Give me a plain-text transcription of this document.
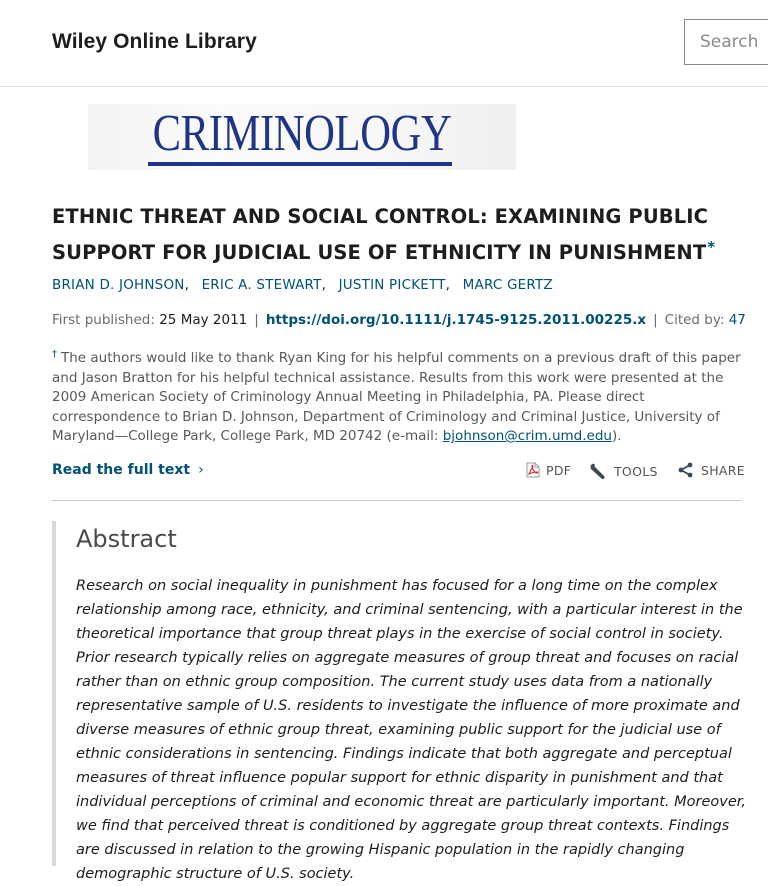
Wiley Online Library
Search
CRIMINOLOGY
ETHNIC THREAT AND SOCIAL CONTROL: EXAMINING PUBLIC SUPPORT FOR JUDICIAL USE OF ETHNICITY IN PUNISHMENT*
BRIAN D. JOHNSON, ERIC A. STEWART, JUSTIN PICKETT, MARC GERTZ
First published: 25 May 2011 | https://doi.org/10.1111/j.1745-9125.2011.00225.x | Cited by: 47
† The authors would like to thank Ryan King for his helpful comments on a previous draft of this paper and Jason Bratton for his helpful technical assistance. Results from this work were presented at the 2009 American Society of Criminology Annual Meeting in Philadelphia, PA. Please direct correspondence to Brian D. Johnson, Department of Criminology and Criminal Justice, University of Maryland—College Park, College Park, MD 20742 (e-mail: bjohnson@crim.umd.edu).
Read the full text ›	PDF	TOOLS	SHARE
Abstract

Research on social inequality in punishment has focused for a long time on the complex relationship among race, ethnicity, and criminal sentencing, with a particular interest in the theoretical importance that group threat plays in the exercise of social control in society. Prior research typically relies on aggregate measures of group threat and focuses on racial rather than on ethnic group composition. The current study uses data from a nationally representative sample of U.S. residents to investigate the influence of more proximate and diverse measures of ethnic group threat, examining public support for the judicial use of ethnic considerations in sentencing. Findings indicate that both aggregate and perceptual measures of threat influence popular support for ethnic disparity in punishment and that individual perceptions of criminal and economic threat are particularly important. Moreover, we find that perceived threat is conditioned by aggregate group threat contexts. Findings are discussed in relation to the growing Hispanic population in the rapidly changing demographic structure of U.S. society.
